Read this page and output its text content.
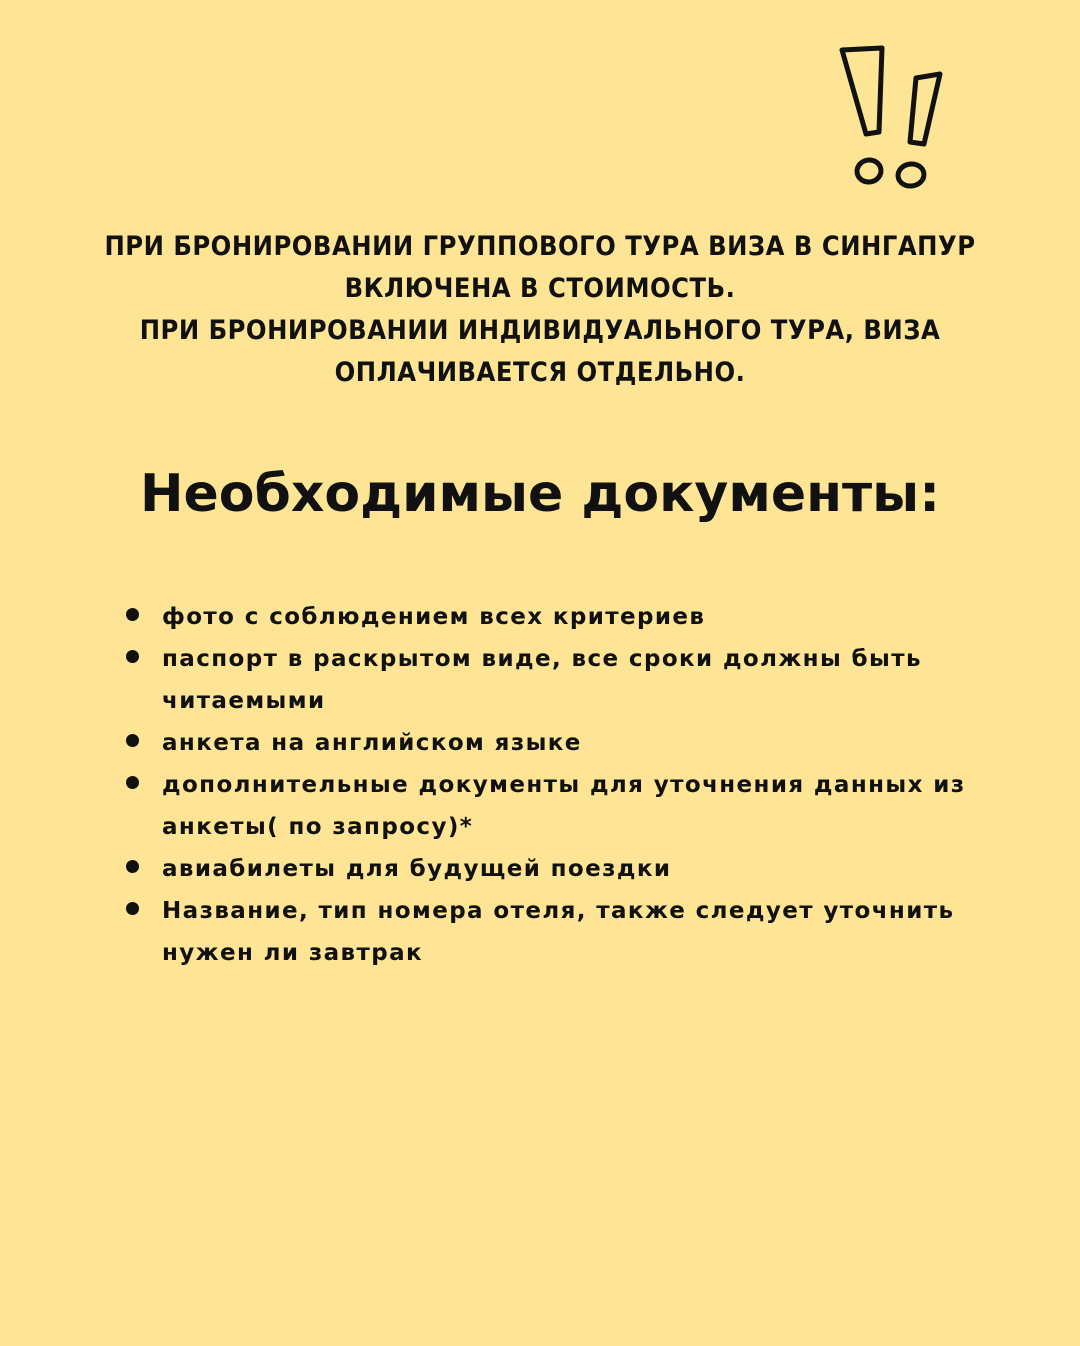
ПРИ БРОНИРОВАНИИ ГРУППОВОГО ТУРА ВИЗА В СИНГАПУР ВКЛЮЧЕНА В СТОИМОСТЬ.

ПРИ БРОНИРОВАНИИ ИНДИВИДУАЛЬНОГО ТУРА, ВИЗА ОПЛАЧИВАЕТСЯ ОТДЕЛЬНО.

Необходимые документы:
фото с соблюдением всех критериев
паспорт в раскрытом виде, все сроки должны быть читаемыми
анкета на английском языке
дополнительные документы для уточнения данных из анкеты( по запросу)*
авиабилеты для будущей поездки
Название, тип номера отеля, также следует уточнить нужен ли завтрак
